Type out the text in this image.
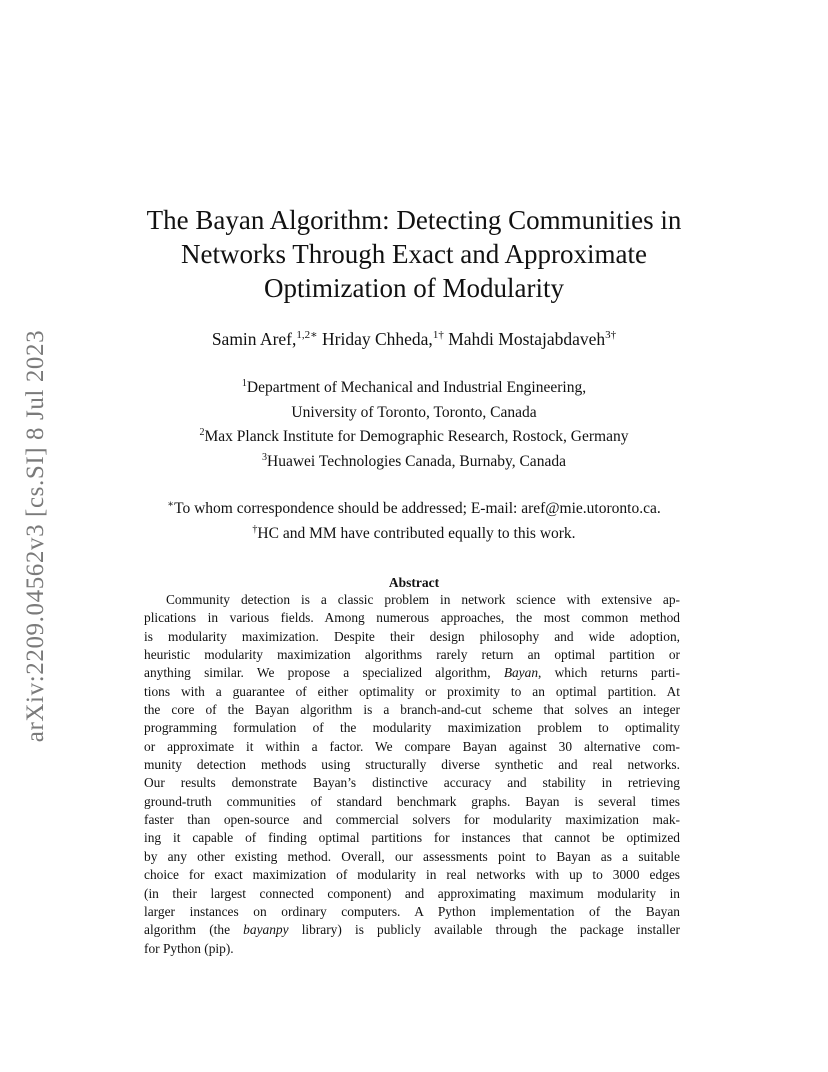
arXiv:2209.04562v3 [cs.SI] 8 Jul 2023
The Bayan Algorithm: Detecting Communities in
Networks Through Exact and Approximate
Optimization of Modularity
Samin Aref,$^{1,2∗}$ Hriday Chheda,$^{1\dagger}$ Mahdi Mostajabdaveh$^{3\dagger}$
$^1$Department of Mechanical and Industrial Engineering,
University of Toronto, Toronto, Canada
$^2$Max Planck Institute for Demographic Research, Rostock, Germany
$^3$Huawei Technologies Canada, Burnaby, Canada
∗To whom correspondence should be addressed; E-mail: aref@mie.utoronto.ca.
†HC and MM have contributed equally to this work.
Abstract
Community detection is a classic problem in network science with extensive ap-
plications in various fields. Among numerous approaches, the most common method
is modularity maximization. Despite their design philosophy and wide adoption,
heuristic modularity maximization algorithms rarely return an optimal partition or
anything similar. We propose a specialized algorithm, Bayan, which returns parti-
tions with a guarantee of either optimality or proximity to an optimal partition. At
the core of the Bayan algorithm is a branch-and-cut scheme that solves an integer
programming formulation of the modularity maximization problem to optimality
or approximate it within a factor. We compare Bayan against 30 alternative com-
munity detection methods using structurally diverse synthetic and real networks.
Our results demonstrate Bayan’s distinctive accuracy and stability in retrieving
ground-truth communities of standard benchmark graphs. Bayan is several times
faster than open-source and commercial solvers for modularity maximization mak-
ing it capable of finding optimal partitions for instances that cannot be optimized
by any other existing method. Overall, our assessments point to Bayan as a suitable
choice for exact maximization of modularity in real networks with up to 3000 edges
(in their largest connected component) and approximating maximum modularity in
larger instances on ordinary computers. A Python implementation of the Bayan
algorithm (the bayanpy library) is publicly available through the package installer
for Python (pip).
